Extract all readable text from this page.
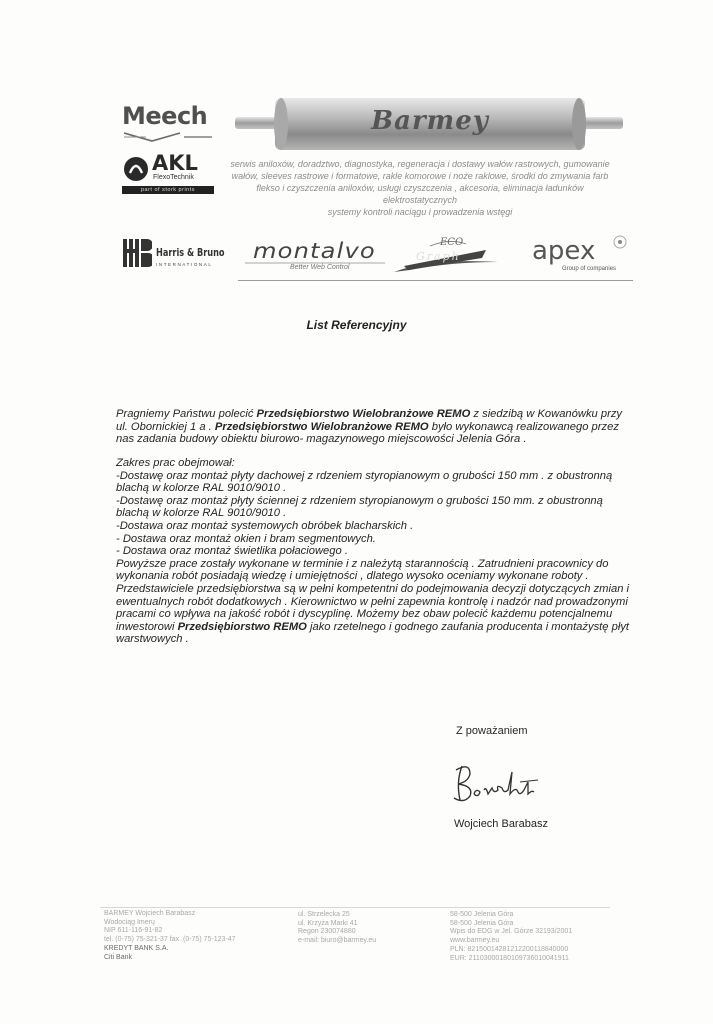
Meech
AKL
FlexoTechnik
part of stork prints
Barmey
serwis aniloxów, doradztwo, diagnostyka, regeneracja i dostawy wałów rastrowych, gumowanie
wałów, sleeves rastrowe i formatowe, rakle komorowe i noże raklowe, środki do zmywania farb
flekso i czyszczenia aniloxów, usługi czyszczenia , akcesoria, eliminacja ładunków
elektrostatycznych
systemy kontroli naciągu i prowadzenia wstęgi
Harris & Bruno
INTERNATIONAL
montalvo
Better Web Control
ECO
Graph	apex
Group of companies
List Referencyjny

Pragniemy Państwu polecić Przedsiębiorstwo Wielobranżowe REMO z siedzibą w Kowanówku przy ul. Obornickiej 1 a . Przedsiębiorstwo Wielobranżowe REMO było wykonawcą realizowanego przez nas zadania budowy obiektu biurowo- magazynowego miejscowości Jelenia Góra .

Zakres prac obejmował:

-Dostawę oraz montaż płyty dachowej z rdzeniem styropianowym o grubości 150 mm . z obustronną blachą w kolorze RAL 9010/9010 .

-Dostawę oraz montaż płyty ściennej z rdzeniem styropianowym o grubości 150 mm. z obustronną blachą w kolorze RAL 9010/9010 .

-Dostawa oraz montaż systemowych obróbek blacharskich .

- Dostawa oraz montaż okien i bram segmentowych.

- Dostawa oraz montaż świetlika połaciowego .

Powyższe prace zostały wykonane w terminie i z należytą starannością . Zatrudnieni pracownicy do wykonania robót posiadają wiedzę i umiejętności , dlatego wysoko oceniamy wykonane roboty . Przedstawiciele przedsiębiorstwa są w pełni kompetentni do podejmowania decyzji dotyczących zmian i ewentualnych robót dodatkowych . Kierownictwo w pełni zapewnia kontrolę i nadzór nad prowadzonymi pracami co wpływa na jakość robót i dyscyplinę. Możemy bez obaw polecić każdemu potencjalnemu inwestorowi Przedsiębiorstwo REMO jako rzetelnego i godnego zaufania producenta i montażystę płyt warstwowych .

Z poważaniem
Wojciech Barabasz
BARMEY Wojciech Barabasz
Wodociąg Imerų
NIP 611-116-91-82
tel. (0-75) 75-321-37 fax. (0-75) 75-123-47
KREDYT BANK S.A.
Citi Bank
ul. Strzelecka 25
ul. Krzyża Marki 41
Regon 230074880
e-mail: biuro@barmey.eu
58-500 Jelenia Góra
58-500 Jelenia Góra
Wpis do EDG w Jel. Górze 32193/2001
www.barmey.eu
PLN: 82150014281212200118840000
EUR: 21103000180109736010041911
